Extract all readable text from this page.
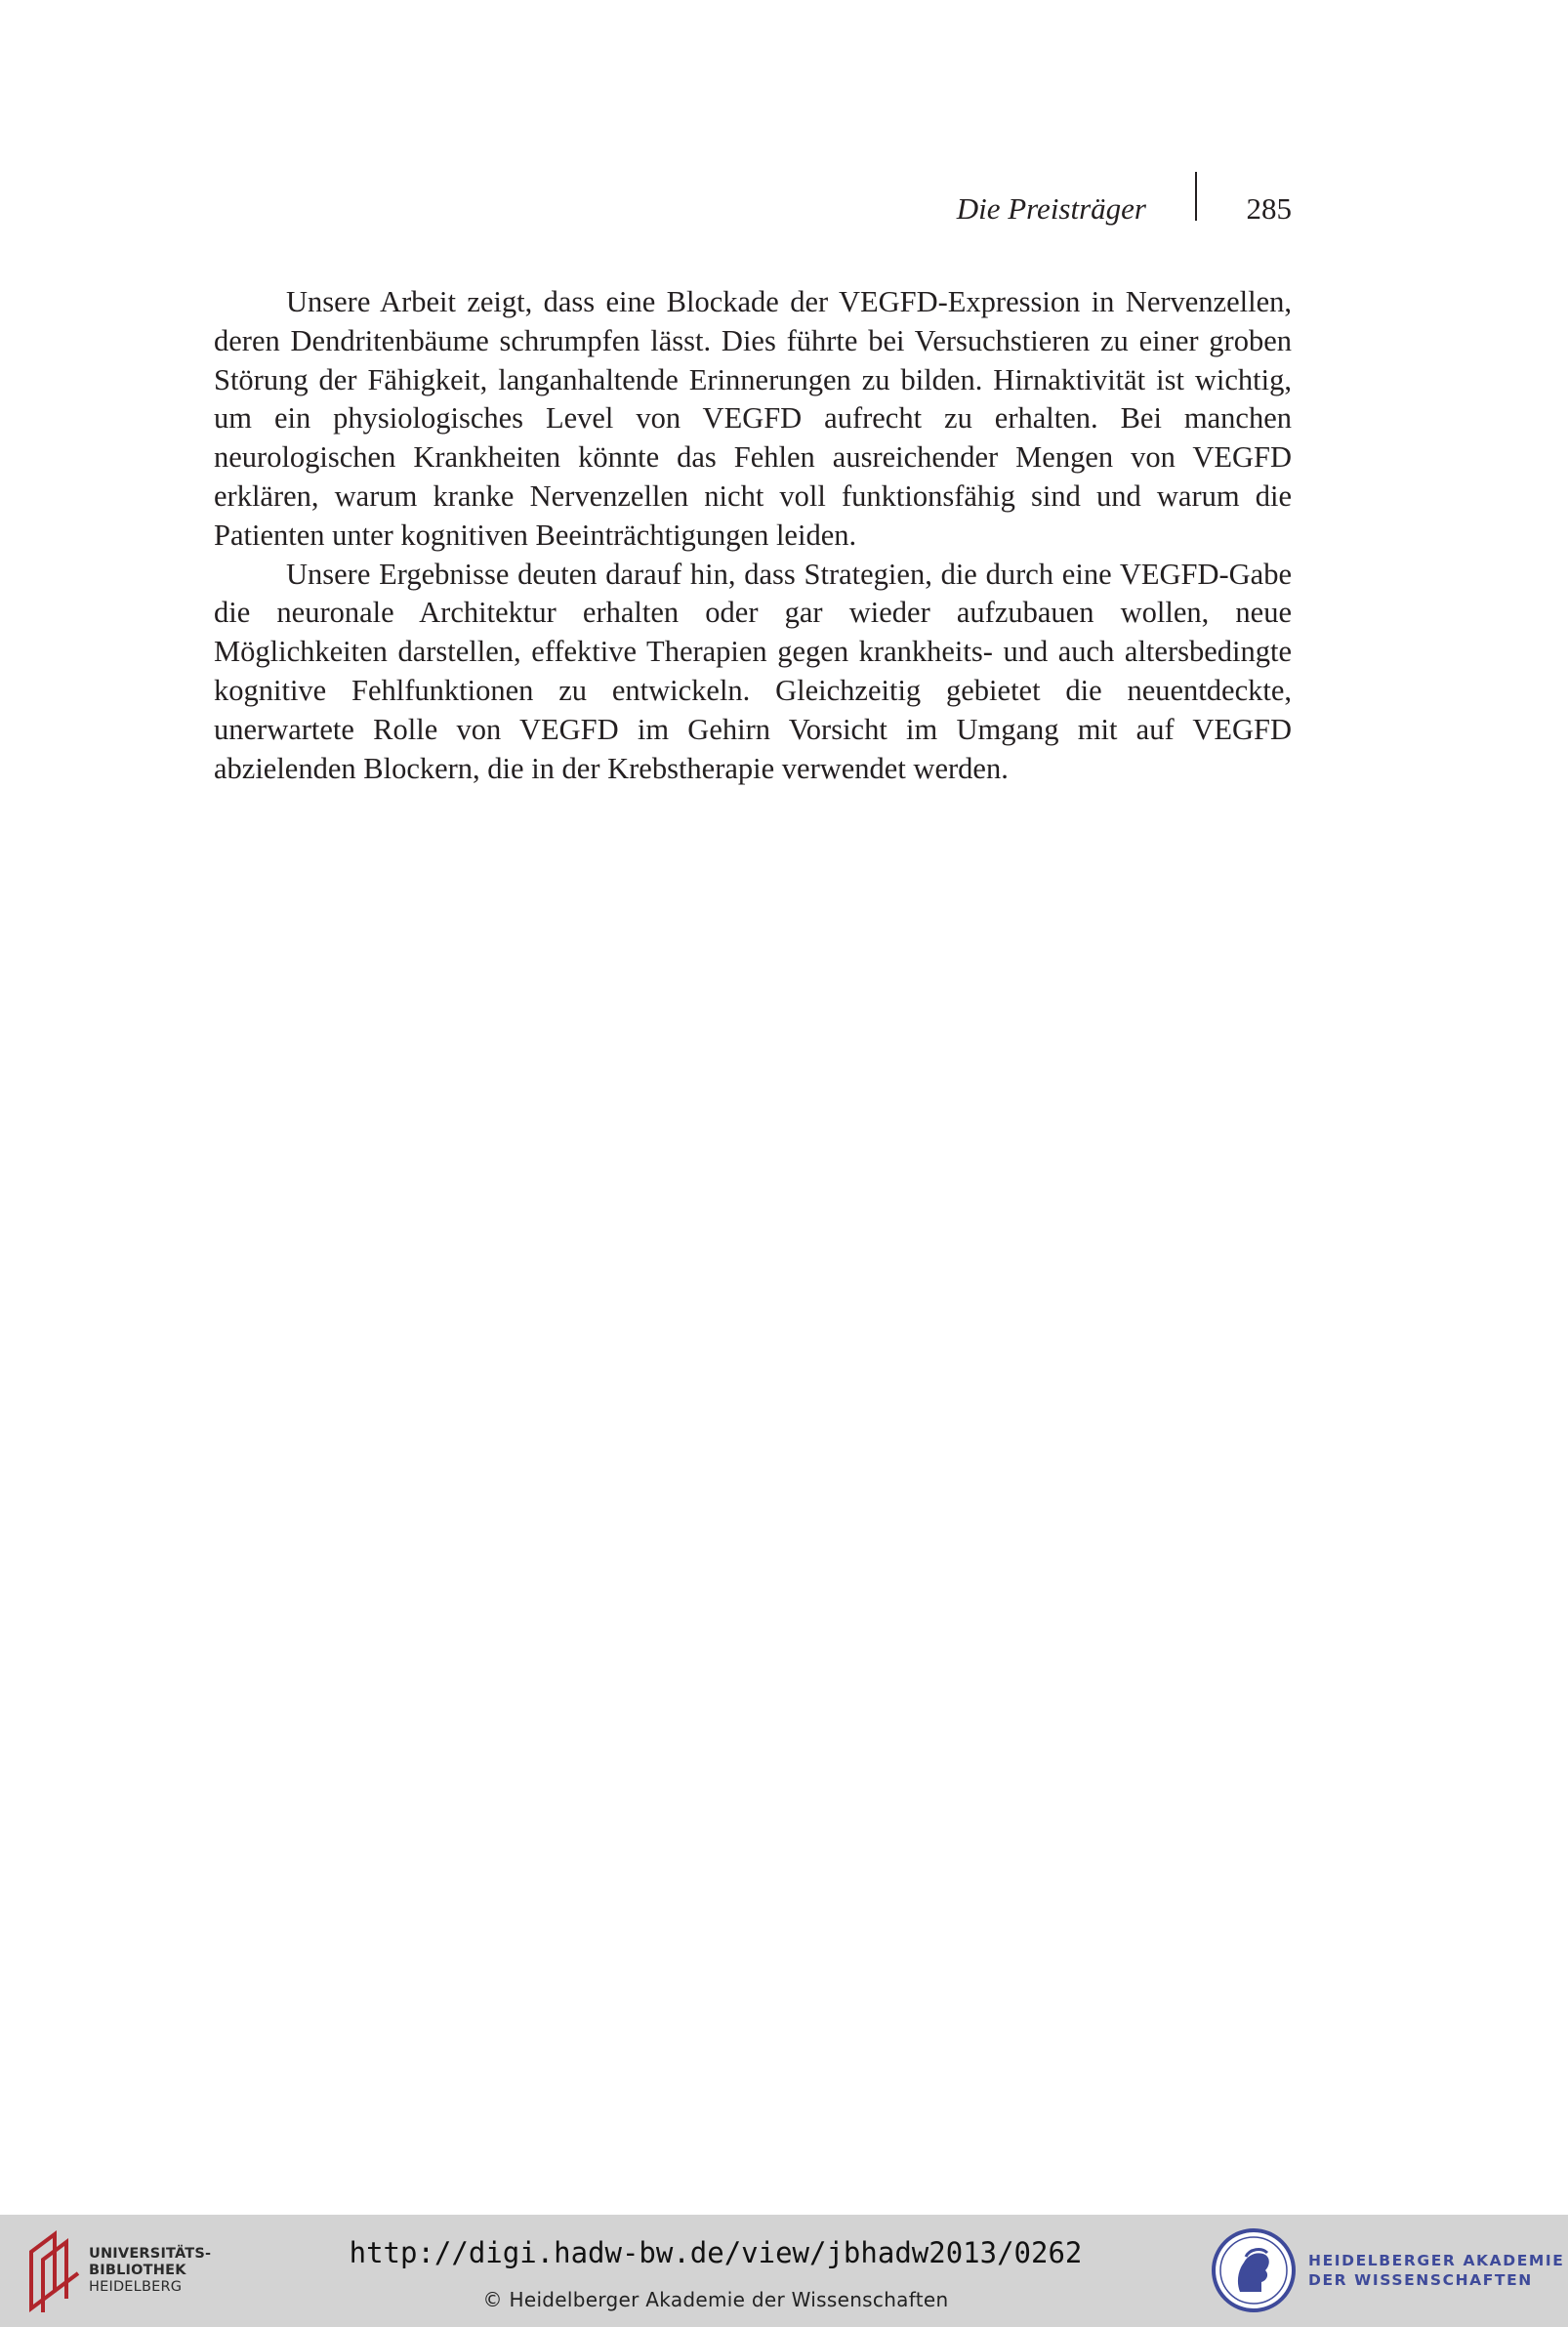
Die Preisträger	285

Unsere Arbeit zeigt, dass eine Blockade der VEGFD-Expression in Nervenzellen, deren Dendritenbäume schrumpfen lässt. Dies führte bei Versuchstieren zu einer groben Störung der Fähigkeit, langanhaltende Erinnerungen zu bilden. Hirnaktivität ist wichtig, um ein physiologisches Level von VEGFD aufrecht zu erhalten. Bei manchen neurologischen Krankheiten könnte das Fehlen ausreichender Mengen von VEGFD erklären, warum kranke Nervenzellen nicht voll funktionsfähig sind und warum die Patienten unter kognitiven Beeinträchtigungen leiden.

Unsere Ergebnisse deuten darauf hin, dass Strategien, die durch eine VEGFD-Gabe die neuronale Architektur erhalten oder gar wieder aufzubauen wollen, neue Möglichkeiten darstellen, effektive Therapien gegen krankheits- und auch altersbedingte kognitive Fehlfunktionen zu entwickeln. Gleichzeitig gebietet die neuentdeckte, unerwartete Rolle von VEGFD im Gehirn Vorsicht im Umgang mit auf VEGFD abzielenden Blockern, die in der Krebstherapie verwendet werden.

UNIVERSITÄTS-
BIBLIOTHEK
HEIDELBERG
http://digi.hadw-bw.de/view/jbhadw2013/0262
© Heidelberger Akademie der Wissenschaften
HEIDELBERGER AKADEMIE
DER WISSENSCHAFTEN
